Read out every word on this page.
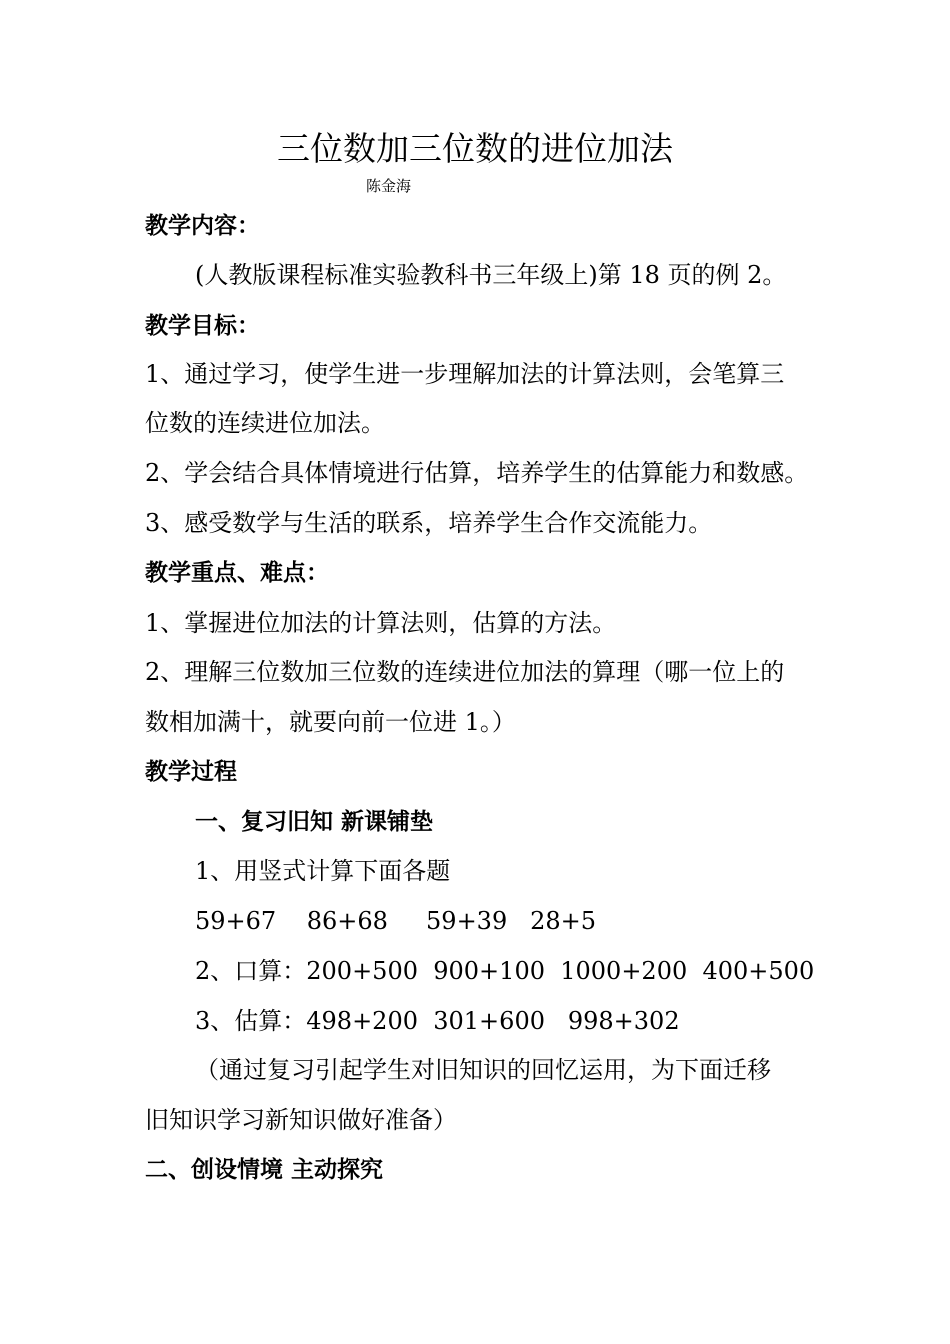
三位数加三位数的进位加法
陈金海
教学内容：
(人教版课程标准实验教科书三年级上)第 18 页的例 2。
教学目标：
1、通过学习，使学生进一步理解加法的计算法则，会笔算三
位数的连续进位加法。
2、学会结合具体情境进行估算，培养学生的估算能力和数感。
3、感受数学与生活的联系，培养学生合作交流能力。
教学重点、难点：
1、掌握进位加法的计算法则，估算的方法。
2、理解三位数加三位数的连续进位加法的算理（哪一位上的
数相加满十，就要向前一位进 1。）
教学过程
一、复习旧知 新课铺垫
1、用竖式计算下面各题
59+67    86+68     59+39   28+5
2、口算：200+500  900+100  1000+200  400+500
3、估算：498+200  301+600   998+302
（通过复习引起学生对旧知识的回忆运用，为下面迁移
旧知识学习新知识做好准备）
二、创设情境 主动探究
